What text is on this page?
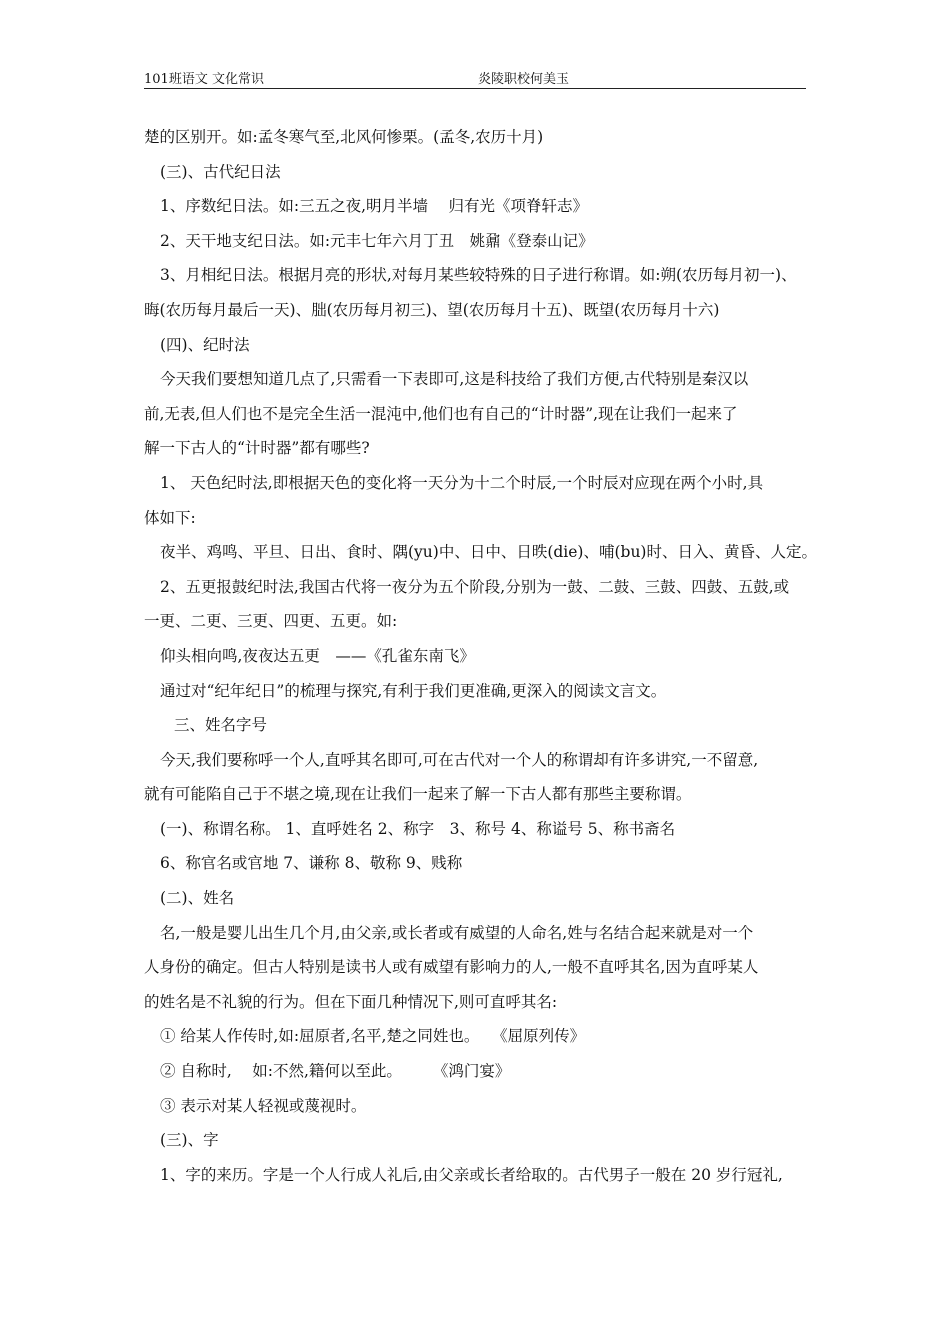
101班语文 文化常识	炎陵职校何美玉
楚的区别开。如:孟冬寒气至,北风何惨栗。(孟冬,农历十月)
(三)、古代纪日法
1、序数纪日法。如:三五之夜,明月半墙　 归有光《项脊轩志》
2、天干地支纪日法。如:元丰七年六月丁丑　姚鼐《登泰山记》
3、月相纪日法。根据月亮的形状,对每月某些较特殊的日子进行称谓。如:朔(农历每月初一)、
晦(农历每月最后一天)、朏(农历每月初三)、望(农历每月十五)、既望(农历每月十六)
(四)、纪时法
今天我们要想知道几点了,只需看一下表即可,这是科技给了我们方便,古代特别是秦汉以
前,无表,但人们也不是完全生活一混沌中,他们也有自己的“计时器”,现在让我们一起来了
解一下古人的“计时器”都有哪些?
1、 天色纪时法,即根据天色的变化将一天分为十二个时辰,一个时辰对应现在两个小时,具
体如下:
夜半、鸡鸣、平旦、日出、食时、隅(yu)中、日中、日昳(die)、哺(bu)时、日入、黄昏、人定。
2、五更报鼓纪时法,我国古代将一夜分为五个阶段,分别为一鼓、二鼓、三鼓、四鼓、五鼓,或
一更、二更、三更、四更、五更。如:
仰头相向鸣,夜夜达五更　——《孔雀东南飞》
通过对“纪年纪日”的梳理与探究,有利于我们更准确,更深入的阅读文言文。
三、姓名字号
今天,我们要称呼一个人,直呼其名即可,可在古代对一个人的称谓却有许多讲究,一不留意,
就有可能陷自己于不堪之境,现在让我们一起来了解一下古人都有那些主要称谓。
(一)、称谓名称。 1、直呼姓名 2、称字　3、称号 4、称谥号 5、称书斋名
6、称官名或官地 7、谦称 8、敬称 9、贱称
(二)、姓名
名,一般是婴儿出生几个月,由父亲,或长者或有威望的人命名,姓与名结合起来就是对一个
人身份的确定。但古人特别是读书人或有威望有影响力的人,一般不直呼其名,因为直呼某人
的姓名是不礼貌的行为。但在下面几种情况下,则可直呼其名:
① 给某人作传时,如:屈原者,名平,楚之同姓也。　 《屈原列传》
② 自称时,　 如:不然,籍何以至此。　　　《鸿门宴》
③ 表示对某人轻视或蔑视时。
(三)、字
1、字的来历。字是一个人行成人礼后,由父亲或长者给取的。古代男子一般在 20 岁行冠礼,
